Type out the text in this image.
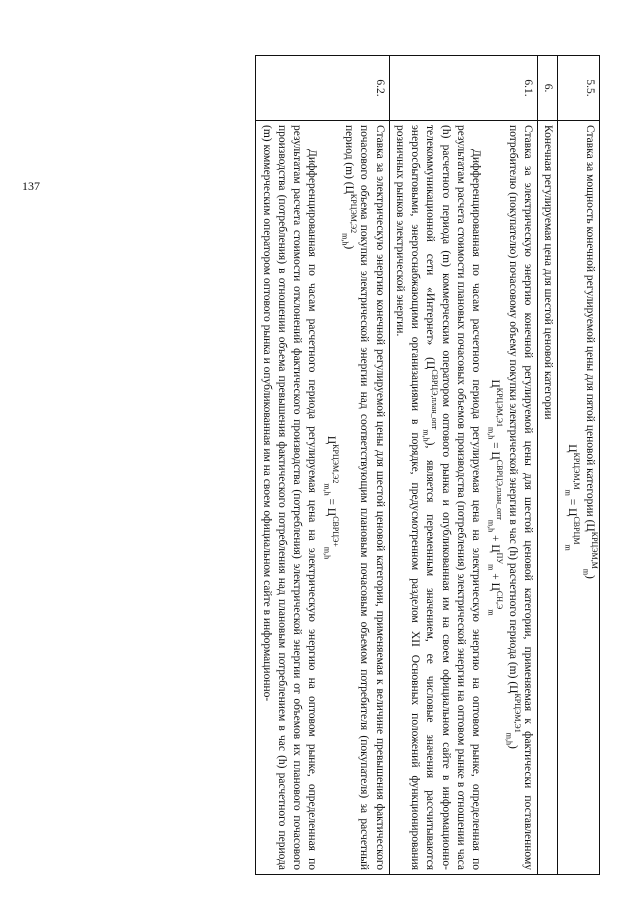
137
5.5.	Ставка за мощность конечной регулируемой цены для пятой ценовой категории $(Ц^{КРЦЭМ,М}_m)$
$Ц^{КРЦЭМ,М}_m = Ц^{СВРЦМ}_m$

6.	Конечная регулируемая цена для шестой ценовой категории
6.1.	Ставка за электрическую энергию конечной регулируемой цены для шестой ценовой категории, применяемая к фактически поставленному потребителю (покупателю) почасовому объему покупки электрической энергии в час (h) расчетного периода (m) $(Ц^{КРЦЭМ,Э1}_{m,h})$
$Ц^{КРЦЭМ,Э1}_{m,h} = Ц^{СВРЦЭ,план\_опт}_{m,h} + Ц^{ПУ}_m + Ц^{СН,Э}_m$
Дифференцированная по часам расчетного периода регулируемая цена на электрическую энергию на оптовом рынке, определенная по результатам расчета стоимости плановых почасовых объемов производства (потребления) электрической энергии на оптовом рынке в отношении часа (h) расчетного периода (m) коммерческим оператором оптового рынка и опубликованная им на своем официальном сайте в информационно-телекоммуникационной сети «Интернет» $(Ц^{СВРЦЭ,план\_опт}_{m,h})$, является переменным значением, ее числовые значения рассчитываются энергосбытовыми, энергоснабжающими организациями в порядке, предусмотренном разделом XII Основных положений функционирования розничных рынков электрической энергии.

6.2.	Ставка за электрическую энергию конечной регулируемой цены для шестой ценовой категории, применяемая к величине превышения фактического почасового объема покупки электрической энергии над соответствующим плановым почасовым объемом потребителя (покупателя) за расчетный период (m) $(Ц^{КРЦЭМ,Э2}_{m,h})$
$Ц^{КРЦЭМ,Э2}_{m,h} = Ц^{СВРЦЭ+}_{m,h}$
Дифференцированная по часам расчетного периода регулируемая цена на электрическую энергию на оптовом рынке, определенная по результатам расчета стоимости отклонений фактического производства (потребления) электрической энергии от объемов их планового почасового производства (потребления) в отношении объема превышения фактического потребления над плановым потреблением в час (h) расчетного периода (m) коммерческим оператором оптового рынка и опубликованная им на своем официальном сайте в информационно-
